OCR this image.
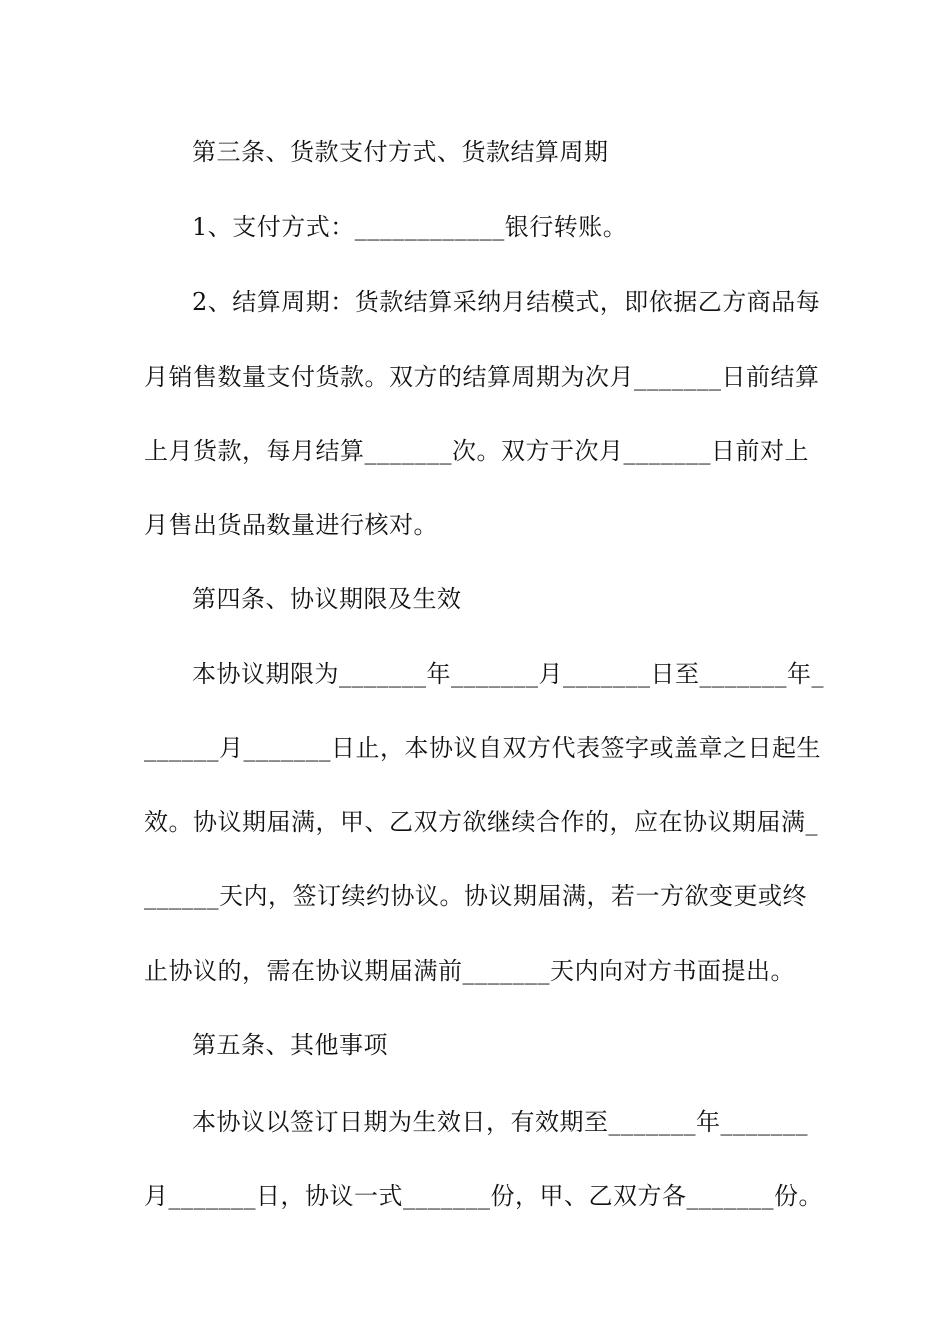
第三条、货款支付方式、货款结算周期
1、支付方式：____________银行转账。
2、结算周期：货款结算采纳月结模式，即依据乙方商品每
月销售数量支付货款。双方的结算周期为次月_______日前结算
上月货款，每月结算_______次。双方于次月_______日前对上
月售出货品数量进行核对。
第四条、协议期限及生效
本协议期限为_______年_______月_______日至_______年_
______月_______日止，本协议自双方代表签字或盖章之日起生
效。协议期届满，甲、乙双方欲继续合作的，应在协议期届满_
______天内，签订续约协议。协议期届满，若一方欲变更或终
止协议的，需在协议期届满前_______天内向对方书面提出。
第五条、其他事项
本协议以签订日期为生效日，有效期至_______年_______
月_______日，协议一式_______份，甲、乙双方各_______份。
